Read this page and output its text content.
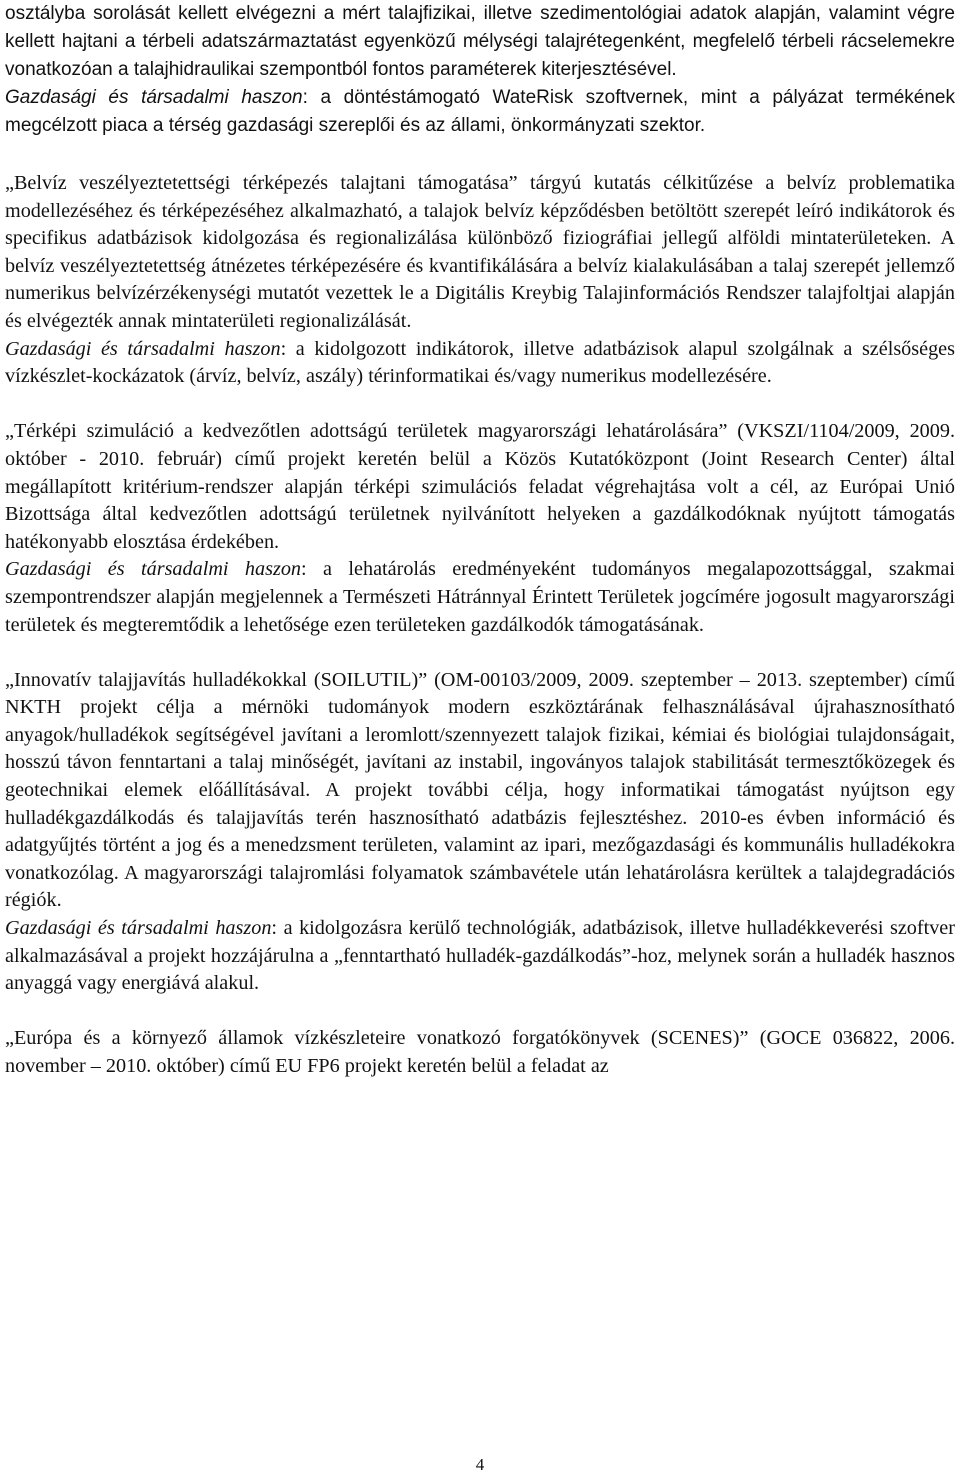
osztályba sorolását kellett elvégezni a mért talajfizikai, illetve szedimentológiai adatok alapján, valamint végre kellett hajtani a térbeli adatszármaztatást egyenközű mélységi talajrétegenként, megfelelő térbeli rácselemekre vonatkozóan a talajhidraulikai szempontból fontos paraméterek kiterjesztésével.

Gazdasági és társadalmi haszon: a döntéstámogató WateRisk szoftvernek, mint a pályázat termékének megcélzott piaca a térség gazdasági szereplői és az állami, önkormányzati szektor.

„Belvíz veszélyeztetettségi térképezés talajtani támogatása” tárgyú kutatás célkitűzése a belvíz problematika modellezéséhez és térképezéséhez alkalmazható, a talajok belvíz képződésben betöltött szerepét leíró indikátorok és specifikus adatbázisok kidolgozása és regionalizálása különböző fiziográfiai jellegű alföldi mintaterületeken. A belvíz veszélyeztetettség átnézetes térképezésére és kvantifikálására a belvíz kialakulásában a talaj szerepét jellemző numerikus belvízérzékenységi mutatót vezettek le a Digitális Kreybig Talajinformációs Rendszer talajfoltjai alapján és elvégezték annak mintaterületi regionalizálását.

Gazdasági és társadalmi haszon: a kidolgozott indikátorok, illetve adatbázisok alapul szolgálnak a szélsőséges vízkészlet-kockázatok (árvíz, belvíz, aszály) térinformatikai és/vagy numerikus modellezésére.

„Térképi szimuláció a kedvezőtlen adottságú területek magyarországi lehatárolására” (VKSZI/1104/2009, 2009. október - 2010. február) című projekt keretén belül a Közös Kutatóközpont (Joint Research Center) által megállapított kritérium-rendszer alapján térképi szimulációs feladat végrehajtása volt a cél, az Európai Unió Bizottsága által kedvezőtlen adottságú területnek nyilvánított helyeken a gazdálkodóknak nyújtott támogatás hatékonyabb elosztása érdekében.

Gazdasági és társadalmi haszon: a lehatárolás eredményeként tudományos megalapozottsággal, szakmai szempontrendszer alapján megjelennek a Természeti Hátránnyal Érintett Területek jogcímére jogosult magyarországi területek és megteremtődik a lehetősége ezen területeken gazdálkodók támogatásának.

„Innovatív talajjavítás hulladékokkal (SOILUTIL)” (OM-00103/2009, 2009. szeptember – 2013. szeptember) című NKTH projekt célja a mérnöki tudományok modern eszköztárának felhasználásával újrahasznosítható anyagok/hulladékok segítségével javítani a leromlott/szennyezett talajok fizikai, kémiai és biológiai tulajdonságait, hosszú távon fenntartani a talaj minőségét, javítani az instabil, ingoványos talajok stabilitását termesztőközegek és geotechnikai elemek előállításával. A projekt további célja, hogy informatikai támogatást nyújtson egy hulladékgazdálkodás és talajjavítás terén hasznosítható adatbázis fejlesztéshez. 2010-es évben információ és adatgyűjtés történt a jog és a menedzsment területen, valamint az ipari, mezőgazdasági és kommunális hulladékokra vonatkozólag. A magyarországi talajromlási folyamatok számbavétele után lehatárolásra kerültek a talajdegradációs régiók.

Gazdasági és társadalmi haszon: a kidolgozásra kerülő technológiák, adatbázisok, illetve hulladékkeverési szoftver alkalmazásával a projekt hozzájárulna a „fenntartható hulladék-gazdálkodás”-hoz, melynek során a hulladék hasznos anyaggá vagy energiává alakul.

„Európa és a környező államok vízkészleteire vonatkozó forgatókönyvek (SCENES)” (GOCE 036822, 2006. november – 2010. október) című EU FP6 projekt keretén belül a feladat az

4
